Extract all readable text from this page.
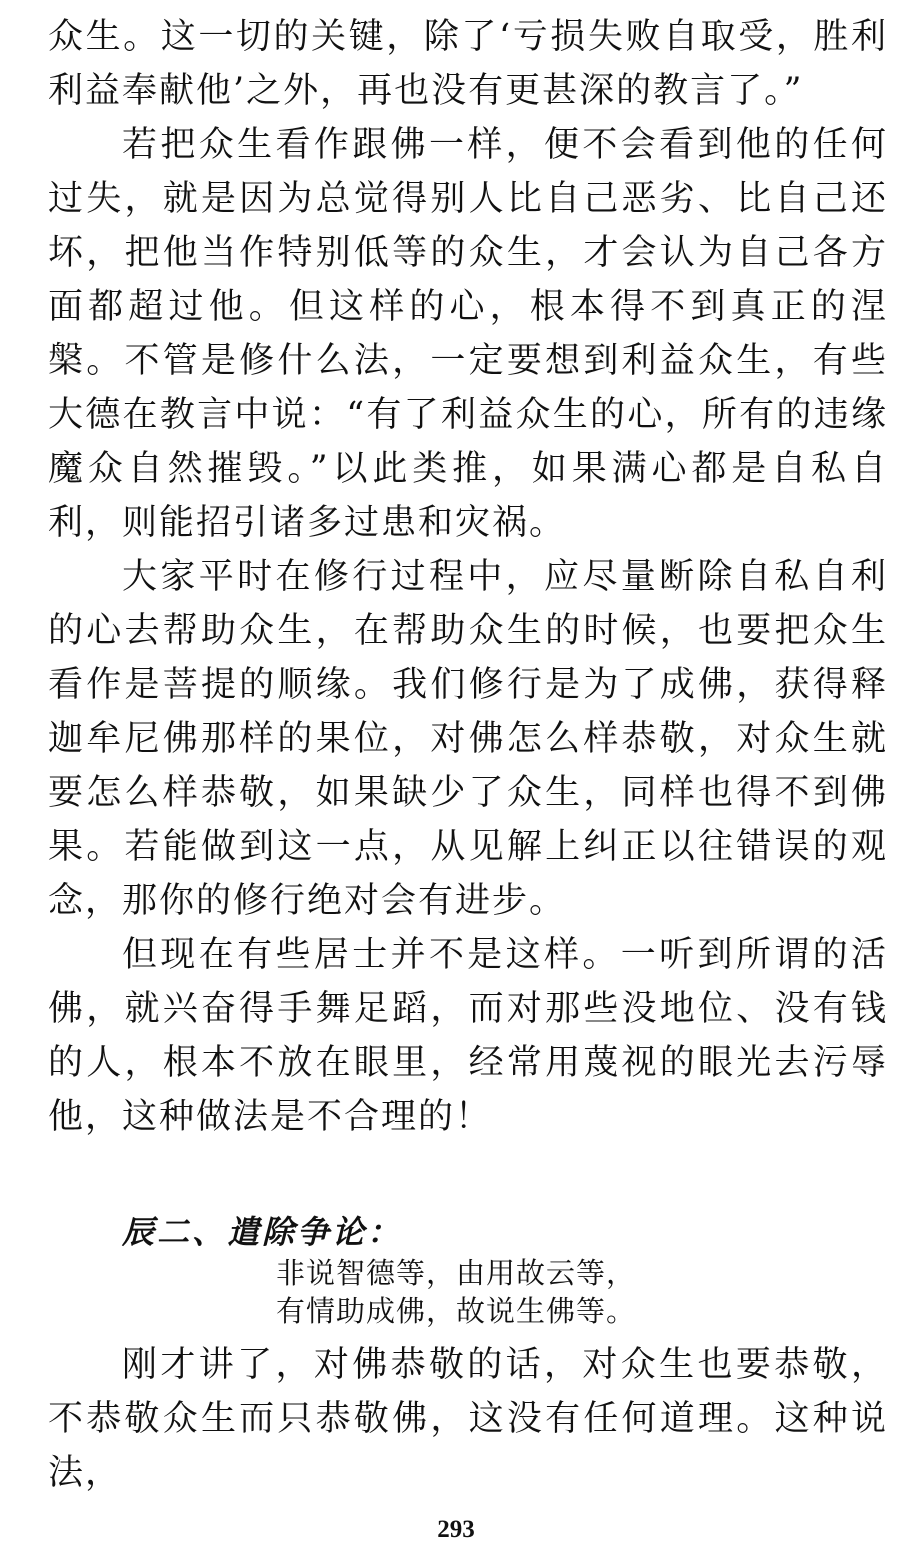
众生。这一切的关键，除了‘亏损失败自取受，胜利利益奉献他’之外，再也没有更甚深的教言了。”

若把众生看作跟佛一样，便不会看到他的任何过失，就是因为总觉得别人比自己恶劣、比自己还坏，把他当作特别低等的众生，才会认为自己各方面都超过他。但这样的心，根本得不到真正的涅槃。不管是修什么法，一定要想到利益众生，有些大德在教言中说：“有了利益众生的心，所有的违缘魔众自然摧毁。”以此类推，如果满心都是自私自利，则能招引诸多过患和灾祸。

大家平时在修行过程中，应尽量断除自私自利的心去帮助众生，在帮助众生的时候，也要把众生看作是菩提的顺缘。我们修行是为了成佛，获得释迦牟尼佛那样的果位，对佛怎么样恭敬，对众生就要怎么样恭敬，如果缺少了众生，同样也得不到佛果。若能做到这一点，从见解上纠正以往错误的观念，那你的修行绝对会有进步。

但现在有些居士并不是这样。一听到所谓的活佛，就兴奋得手舞足蹈，而对那些没地位、没有钱的人，根本不放在眼里，经常用蔑视的眼光去污辱他，这种做法是不合理的！

辰二、遣除争论：

非说智德等，由用故云等，

有情助成佛，故说生佛等。

刚才讲了，对佛恭敬的话，对众生也要恭敬，不恭敬众生而只恭敬佛，这没有任何道理。这种说法，

293
